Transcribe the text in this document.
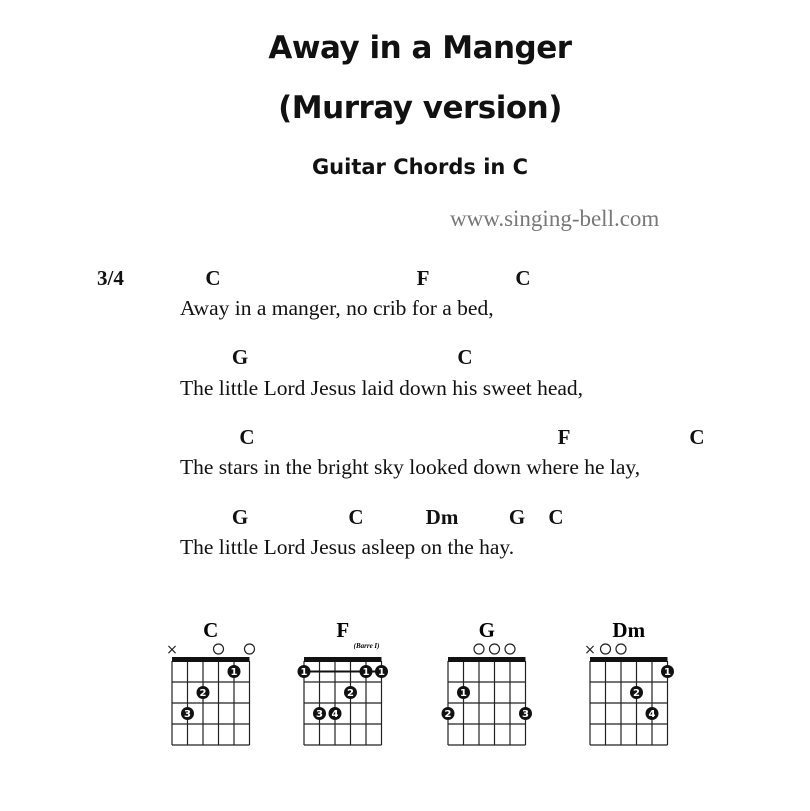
Away in a Manger
(Murray version)
Guitar Chords in C
www.singing-bell.com
3/4	C	F	C
Away in a manger, no crib for a bed,
G	C
The little Lord Jesus laid down his sweet head,
C	F	C
The stars in the bright sky looked down where he lay,
G	C	Dm G C
The little Lord Jesus asleep on the hay.
C
×
1
2
3
F
(Barre I)
1	1 1
2
3 4
G
1
2	3
Dm
×
1
2
4
